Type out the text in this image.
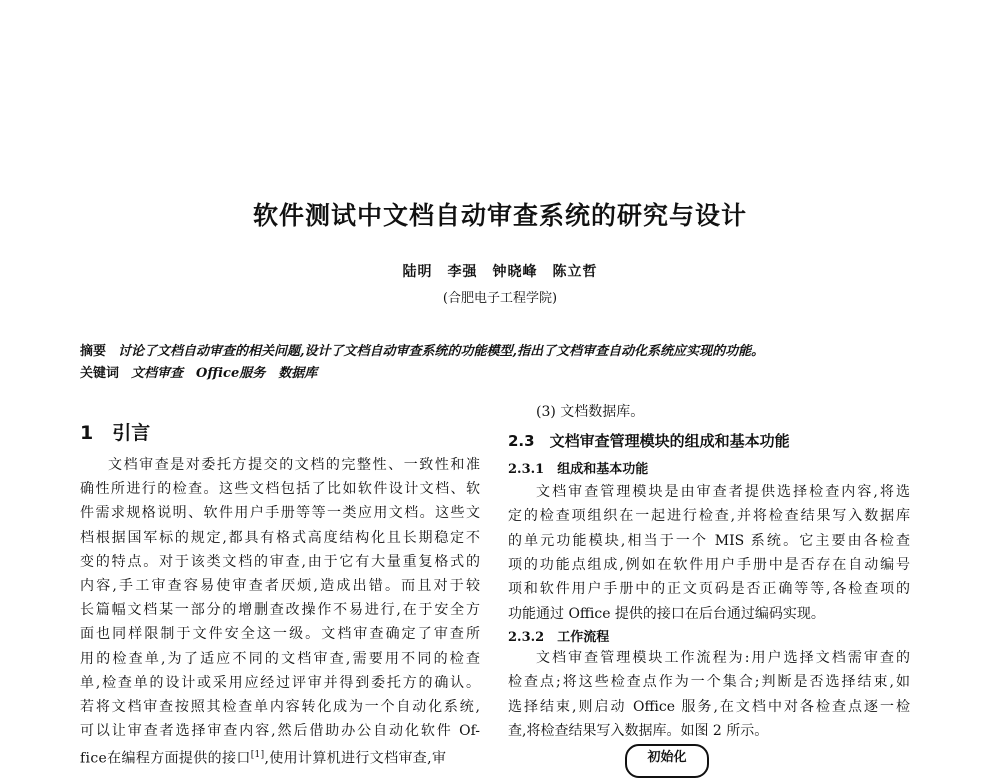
软件测试中文档自动审查系统的研究与设计
陆明　李强　钟晓峰　陈立哲
(合肥电子工程学院)
摘要 讨论了文档自动审查的相关问题,设计了文档自动审查系统的功能模型,指出了文档审查自动化系统应实现的功能。
关键词 文档审查　Office服务　数据库
1　引言
文档审查是对委托方提交的文档的完整性、一致性和准
确性所进行的检查。这些文档包括了比如软件设计文档、软
件需求规格说明、软件用户手册等等一类应用文档。这些文
档根据国军标的规定,都具有格式高度结构化且长期稳定不
变的特点。对于该类文档的审查,由于它有大量重复格式的
内容,手工审查容易使审查者厌烦,造成出错。而且对于较
长篇幅文档某一部分的增删查改操作不易进行,在于安全方
面也同样限制于文件安全这一级。文档审查确定了审查所
用的检查单,为了适应不同的文档审查,需要用不同的检查
单,检查单的设计或采用应经过评审并得到委托方的确认。
若将文档审查按照其检查单内容转化成为一个自动化系统,
可以让审查者选择审查内容,然后借助办公自动化软件 Of-
fice在编程方面提供的接口[1],使用计算机进行文档审查,审
(3) 文档数据库。
2.3　文档审查管理模块的组成和基本功能
2.3.1　组成和基本功能
文档审查管理模块是由审查者提供选择检查内容,将选
定的检查项组织在一起进行检查,并将检查结果写入数据库
的单元功能模块,相当于一个 MIS 系统。它主要由各检查
项的功能点组成,例如在软件用户手册中是否存在自动编号
项和软件用户手册中的正文页码是否正确等等,各检查项的
功能通过 Office 提供的接口在后台通过编码实现。
文档审查管理模块工作流程为:用户选择文档需审查的
检查点;将这些检查点作为一个集合;判断是否选择结束,如
选择结束,则启动 Office 服务,在文档中对各检查点逐一检
查,将检查结果写入数据库。如图 2 所示。
2.3.2　工作流程
初始化
